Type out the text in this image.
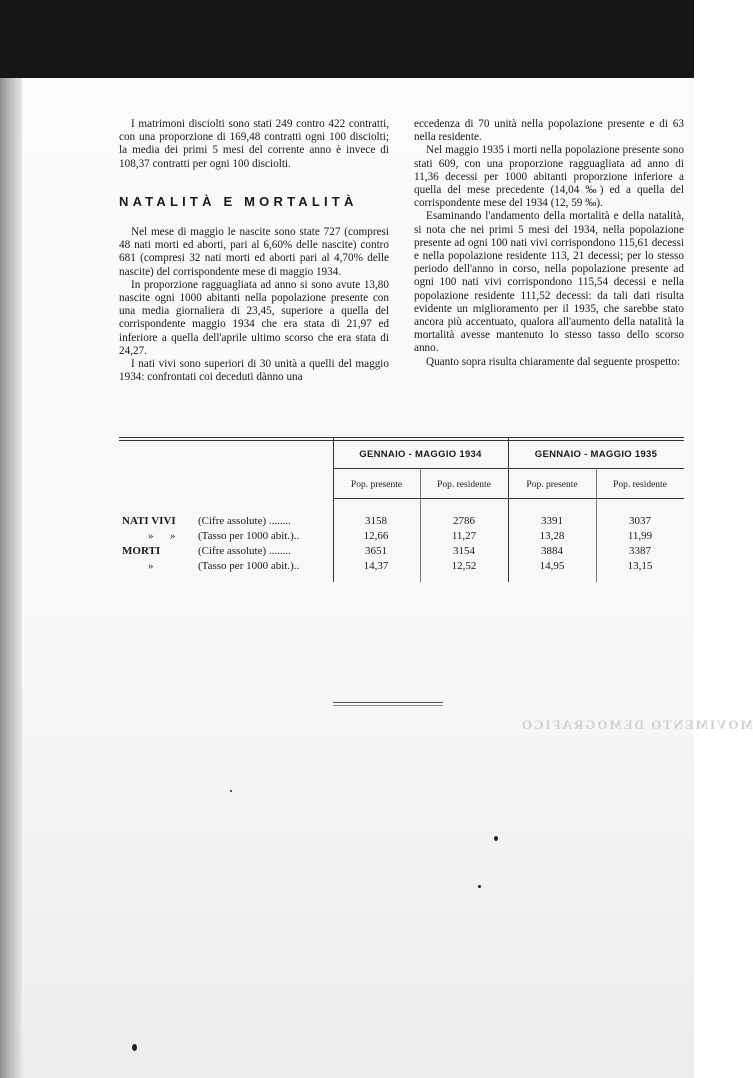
MOVIMENTO DEMOGRAFICO

I matrimoni disciolti sono stati 249 contro 422 contratti, con una proporzione di 169,48 contratti ogni 100 disciolti; la media dei primi 5 mesi del corrente anno è invece di 108,37 contratti per ogni 100 disciolti.

NATALITÀ E MORTALITÀ

Nel mese di maggio le nascite sono state 727 (compresi 48 nati morti ed aborti, pari al 6,60% delle nascite) contro 681 (compresi 32 nati morti ed aborti pari al 4,70% delle nascite) del corrispondente mese di maggio 1934.

In proporzione ragguagliata ad anno si sono avute 13,80 nascite ogni 1000 abitanti nella popolazione presente con una media giornaliera di 23,45, superiore a quella del corrispondente maggio 1934 che era stata di 21,97 ed inferiore a quella dell'aprile ultimo scorso che era stata di 24,27.

I nati vivi sono superiori di 30 unità a quelli del maggio 1934: confrontati coi deceduti dànno una

eccedenza di 70 unità nella popolazione presente e di 63 nella residente.

Nel maggio 1935 i morti nella popolazione presente sono stati 609, con una proporzione ragguagliata ad anno di 11,36 decessi per 1000 abitanti proporzione inferiore a quella del mese precedente (14,04 ‰) ed a quella del corrispondente mese del 1934 (12, 59 ‰).

Esaminando l'andamento della mortalità e della natalità, si nota che nei primi 5 mesi del 1934, nella popolazione presente ad ogni 100 nati vivi corrispondono 115,61 decessi e nella popolazione residente 113, 21 decessi; per lo stesso periodo dell'anno in corso, nella popolazione presente ad ogni 100 nati vivi corrispondono 115,54 decessi e nella popolazione residente 111,52 decessi: da tali dati risulta evidente un miglioramento per il 1935, che sarebbe stato ancora più accentuato, qualora all'aumento della natalità la mortalità avesse mantenuto lo stesso tasso dello scorso anno.

Quanto sopra risulta chiaramente dal seguente prospetto:

GENNAIO - MAGGIO 1934	GENNAIO - MAGGIO 1935
Pop. presente	Pop. residente	Pop. presente	Pop. residente
NATI VIVI (Cifre assolute) ........	3158	2786	3391	3037
»      » (Tasso per 1000 abit.)..	12,66	11,27	13,28	11,99
MORTI	(Cifre assolute) ........	3651	3154	3884	3387
»	(Tasso per 1000 abit.)..	14,37	12,52	14,95	13,15
